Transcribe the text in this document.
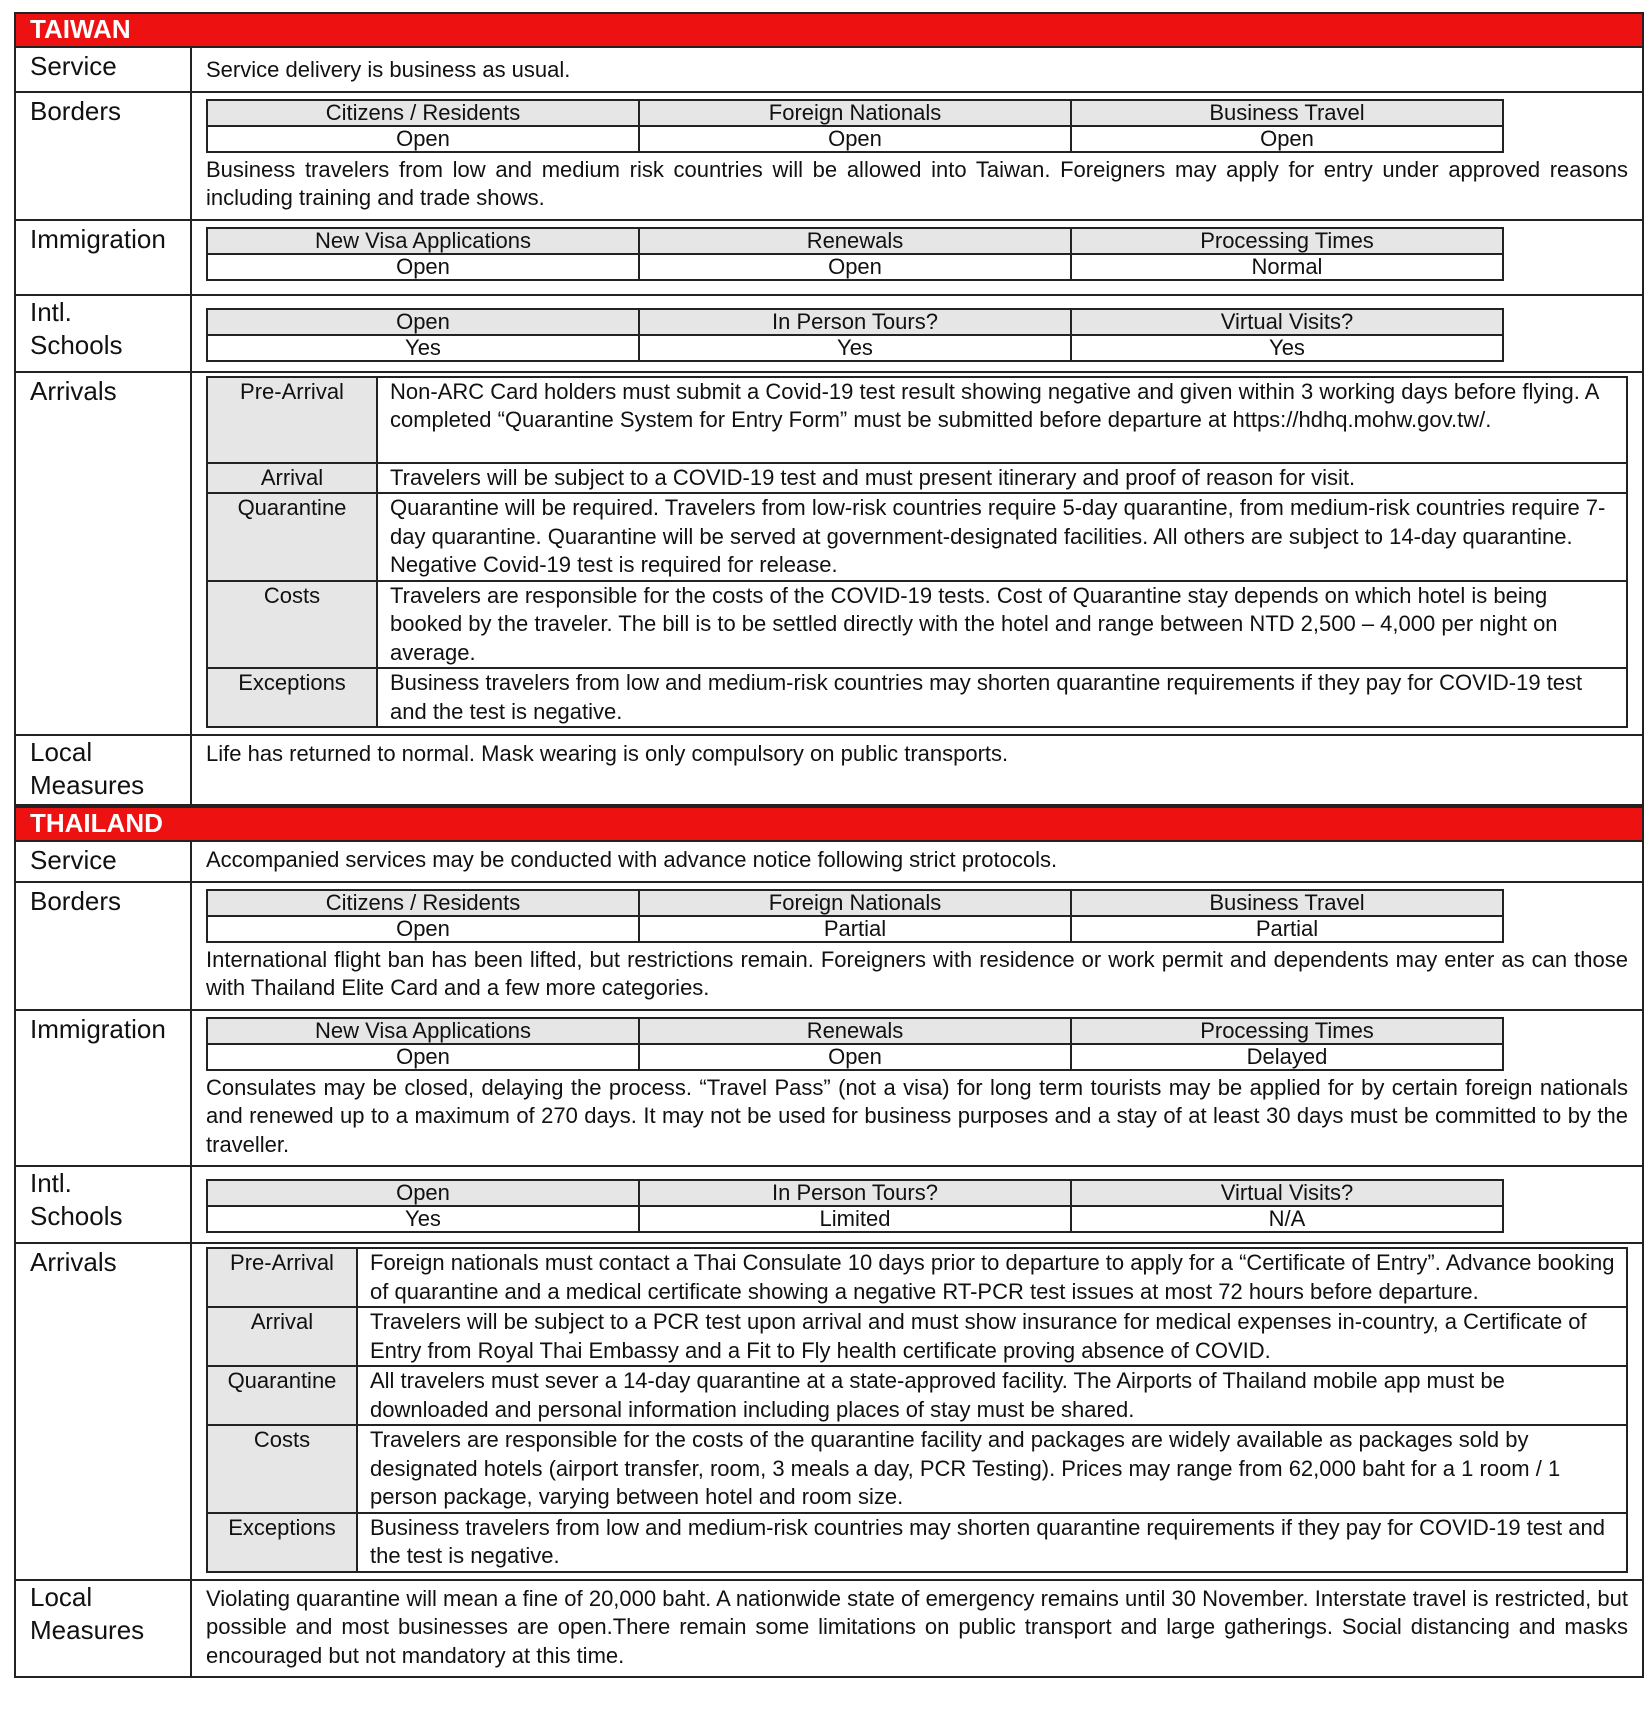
TAIWAN
Service	Service delivery is business as usual.
Borders	Citizens / Residents	Foreign Nationals	Business Travel
Open	Open	Open
Business travelers from low and medium risk countries will be allowed into Taiwan. Foreigners may apply for entry under approved reasons including training and trade shows.
Immigration	New Visa Applications	Renewals	Processing Times
Open	Open	Normal
Intl.
Schools
Open	In Person Tours?	Virtual Visits?
Yes	Yes	Yes
Arrivals	Pre-Arrival	Non-ARC Card holders must submit a Covid-19 test result showing negative and given within 3 working days before flying. A completed “Quarantine System for Entry Form” must be submitted before departure at https://hdhq.mohw.gov.tw/.
Arrival	Travelers will be subject to a COVID-19 test and must present itinerary and proof of reason for visit.
Quarantine	Quarantine will be required. Travelers from low-risk countries require 5-day quarantine, from medium-risk countries require 7-day quarantine. Quarantine will be served at government-designated facilities. All others are subject to 14-day quarantine. Negative Covid-19 test is required for release.
Costs	Travelers are responsible for the costs of the COVID-19 tests. Cost of Quarantine stay depends on which hotel is being booked by the traveler. The bill is to be settled directly with the hotel and range between NTD 2,500 – 4,000 per night on average.
Exceptions	Business travelers from low and medium-risk countries may shorten quarantine requirements if they pay for COVID-19 test and the test is negative.
Local
Measures
Life has returned to normal. Mask wearing is only compulsory on public transports.
THAILAND
Service	Accompanied services may be conducted with advance notice following strict protocols.
Borders	Citizens / Residents	Foreign Nationals	Business Travel
Open	Partial	Partial
International flight ban has been lifted, but restrictions remain. Foreigners with residence or work permit and dependents may enter as can those with Thailand Elite Card and a few more categories.
Immigration	New Visa Applications	Renewals	Processing Times
Open	Open	Delayed
Consulates may be closed, delaying the process. “Travel Pass” (not a visa) for long term tourists may be applied for by certain foreign nationals and renewed up to a maximum of 270 days. It may not be used for business purposes and a stay of at least 30 days must be committed to by the traveller.
Intl.
Schools
Open	In Person Tours?	Virtual Visits?
Yes	Limited	N/A
Arrivals	Pre-Arrival	Foreign nationals must contact a Thai Consulate 10 days prior to departure to apply for a “Certificate of Entry”. Advance booking of quarantine and a medical certificate showing a negative RT-PCR test issues at most 72 hours before departure.
Arrival	Travelers will be subject to a PCR test upon arrival and must show insurance for medical expenses in-country, a Certificate of Entry from Royal Thai Embassy and a Fit to Fly health certificate proving absence of COVID.
Quarantine	All travelers must sever a 14-day quarantine at a state-approved facility. The Airports of Thailand mobile app must be downloaded and personal information including places of stay must be shared.
Costs	Travelers are responsible for the costs of the quarantine facility and packages are widely available as packages sold by designated hotels (airport transfer, room, 3 meals a day, PCR Testing). Prices may range from 62,000 baht for a 1 room / 1 person package, varying between hotel and room size.
Exceptions	Business travelers from low and medium-risk countries may shorten quarantine requirements if they pay for COVID-19 test and the test is negative.
Local
Measures
Violating quarantine will mean a fine of 20,000 baht. A nationwide state of emergency remains until 30 November. Interstate travel is restricted, but possible and most businesses are open.There remain some limitations on public transport and large gatherings. Social distancing and masks encouraged but not mandatory at this time.
